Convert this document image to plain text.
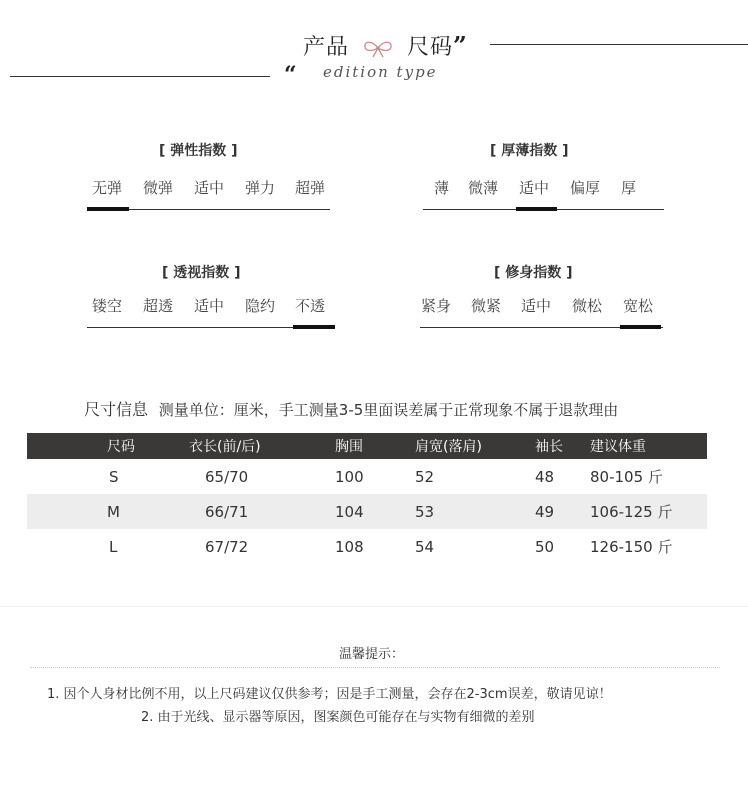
产品	尺码”
“ edition type
[ 弹性指数 ]
无弹 微弹 适中 弹力 超弹
[ 厚薄指数 ]
薄 微薄 适中 偏厚 厚
[ 透视指数 ]
镂空 超透 适中 隐约 不透
[ 修身指数 ]
紧身 微紧 适中 微松 宽松
尺寸信息 测量单位：厘米，手工测量3-5里面误差属于正常现象不属于退款理由
尺码	衣长(前/后)	胸围	肩宽(落肩)	袖长	建议体重
S	65/70	100	52	48	80-105 斤
M	66/71	104	53	49	106-125 斤
L	67/72	108	54	50	126-150 斤
温馨提示：
1. 因个人身材比例不用，以上尺码建议仅供参考；因是手工测量，会存在2-3cm误差，敬请见谅！
2. 由于光线、显示器等原因，图案颜色可能存在与实物有细微的差别
